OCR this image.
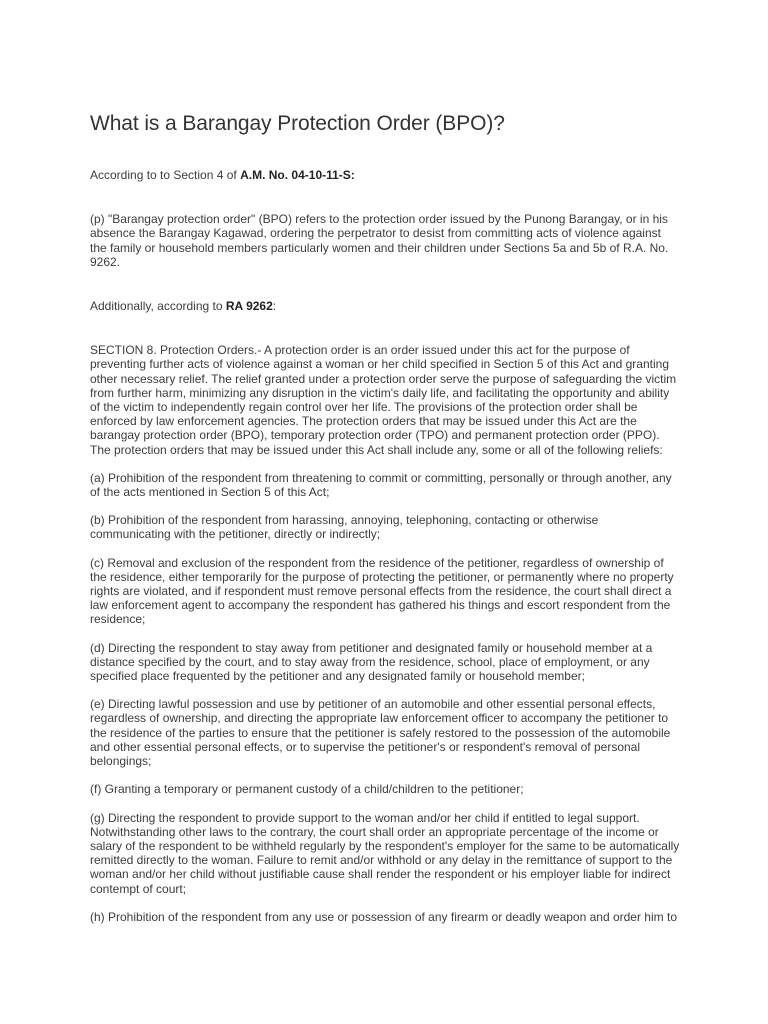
What is a Barangay Protection Order (BPO)?

According to to Section 4 of A.M. No. 04-10-11-S:

(p) "Barangay protection order" (BPO) refers to the protection order issued by the Punong Barangay, or in his absence the Barangay Kagawad, ordering the perpetrator to desist from committing acts of violence against the family or household members particularly women and their children under Sections 5a and 5b of R.A. No. 9262.

Additionally, according to RA 9262:

SECTION 8. Protection Orders.- A protection order is an order issued under this act for the purpose of preventing further acts of violence against a woman or her child specified in Section 5 of this Act and granting other necessary relief. The relief granted under a protection order serve the purpose of safeguarding the victim from further harm, minimizing any disruption in the victim's daily life, and facilitating the opportunity and ability of the victim to independently regain control over her life. The provisions of the protection order shall be enforced by law enforcement agencies. The protection orders that may be issued under this Act are the barangay protection order (BPO), temporary protection order (TPO) and permanent protection order (PPO). The protection orders that may be issued under this Act shall include any, some or all of the following reliefs:

(a) Prohibition of the respondent from threatening to commit or committing, personally or through another, any of the acts mentioned in Section 5 of this Act;

(b) Prohibition of the respondent from harassing, annoying, telephoning, contacting or otherwise communicating with the petitioner, directly or indirectly;

(c) Removal and exclusion of the respondent from the residence of the petitioner, regardless of ownership of the residence, either temporarily for the purpose of protecting the petitioner, or permanently where no property rights are violated, and if respondent must remove personal effects from the residence, the court shall direct a law enforcement agent to accompany the respondent has gathered his things and escort respondent from the residence;

(d) Directing the respondent to stay away from petitioner and designated family or household member at a distance specified by the court, and to stay away from the residence, school, place of employment, or any specified place frequented by the petitioner and any designated family or household member;

(e) Directing lawful possession and use by petitioner of an automobile and other essential personal effects, regardless of ownership, and directing the appropriate law enforcement officer to accompany the petitioner to the residence of the parties to ensure that the petitioner is safely restored to the possession of the automobile and other essential personal effects, or to supervise the petitioner's or respondent's removal of personal belongings;

(f) Granting a temporary or permanent custody of a child/children to the petitioner;

(g) Directing the respondent to provide support to the woman and/or her child if entitled to legal support. Notwithstanding other laws to the contrary, the court shall order an appropriate percentage of the income or salary of the respondent to be withheld regularly by the respondent's employer for the same to be automatically remitted directly to the woman. Failure to remit and/or withhold or any delay in the remittance of support to the woman and/or her child without justifiable cause shall render the respondent or his employer liable for indirect contempt of court;

(h) Prohibition of the respondent from any use or possession of any firearm or deadly weapon and order him to
